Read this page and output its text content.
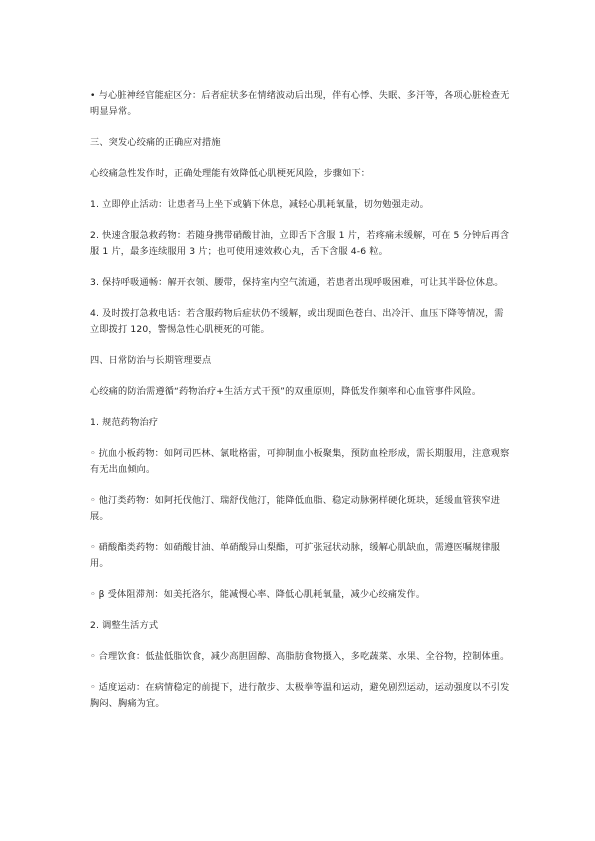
• 与心脏神经官能症区分：后者症状多在情绪波动后出现，伴有心悸、失眠、多汗等，各项心脏检查无明显异常。

三、突发心绞痛的正确应对措施

心绞痛急性发作时，正确处理能有效降低心肌梗死风险，步骤如下：

1. 立即停止活动：让患者马上坐下或躺下休息，减轻心肌耗氧量，切勿勉强走动。

2. 快速含服急救药物：若随身携带硝酸甘油，立即舌下含服 1 片，若疼痛未缓解，可在 5 分钟后再含服 1 片，最多连续服用 3 片；也可使用速效救心丸，舌下含服 4-6 粒。

3. 保持呼吸通畅：解开衣领、腰带，保持室内空气流通，若患者出现呼吸困难，可让其半卧位休息。

4. 及时拨打急救电话：若含服药物后症状仍不缓解，或出现面色苍白、出冷汗、血压下降等情况，需立即拨打 120，警惕急性心肌梗死的可能。

四、日常防治与长期管理要点

心绞痛的防治需遵循“药物治疗+生活方式干预”的双重原则，降低发作频率和心血管事件风险。

1. 规范药物治疗

◦ 抗血小板药物：如阿司匹林、氯吡格雷，可抑制血小板聚集，预防血栓形成，需长期服用，注意观察有无出血倾向。

◦ 他汀类药物：如阿托伐他汀、瑞舒伐他汀，能降低血脂、稳定动脉粥样硬化斑块，延缓血管狭窄进展。

◦ 硝酸酯类药物：如硝酸甘油、单硝酸异山梨酯，可扩张冠状动脉，缓解心肌缺血，需遵医嘱规律服用。

◦ β 受体阻滞剂：如美托洛尔，能减慢心率、降低心肌耗氧量，减少心绞痛发作。

2. 调整生活方式

◦ 合理饮食：低盐低脂饮食，减少高胆固醇、高脂肪食物摄入，多吃蔬菜、水果、全谷物，控制体重。

◦ 适度运动：在病情稳定的前提下，进行散步、太极拳等温和运动，避免剧烈运动，运动强度以不引发胸闷、胸痛为宜。
